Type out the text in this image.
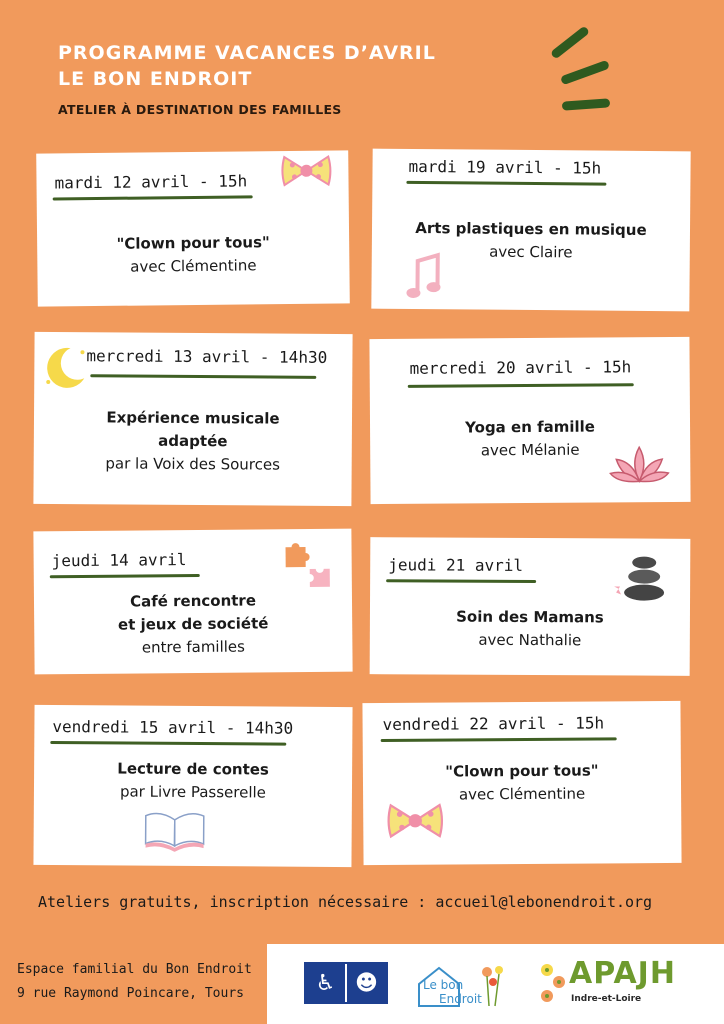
PROGRAMME VACANCES D’AVRIL
LE BON ENDROIT
ATELIER À DESTINATION DES FAMILLES
mardi 12 avril - 15h
"Clown pour tous"
avec Clémentine
mardi 19 avril - 15h
Arts plastiques en musique
avec Claire
mercredi 13 avril - 14h30
Expérience musicale
adaptée
par la Voix des Sources
mercredi 20 avril - 15h
Yoga en famille
avec Mélanie
jeudi 14 avril
Café rencontre
et jeux de société
entre familles
jeudi 21 avril
Soin des Mamans
avec Nathalie
vendredi 15 avril - 14h30
Lecture de contes
par Livre Passerelle
vendredi 22 avril - 15h
"Clown pour tous"
avec Clémentine
Ateliers gratuits, inscription nécessaire : accueil@lebonendroit.org
Espace familial du Bon Endroit
9 rue Raymond Poincare, Tours	♿ ☻	Le bon
Endroit
APAJH
Indre-et-Loire
